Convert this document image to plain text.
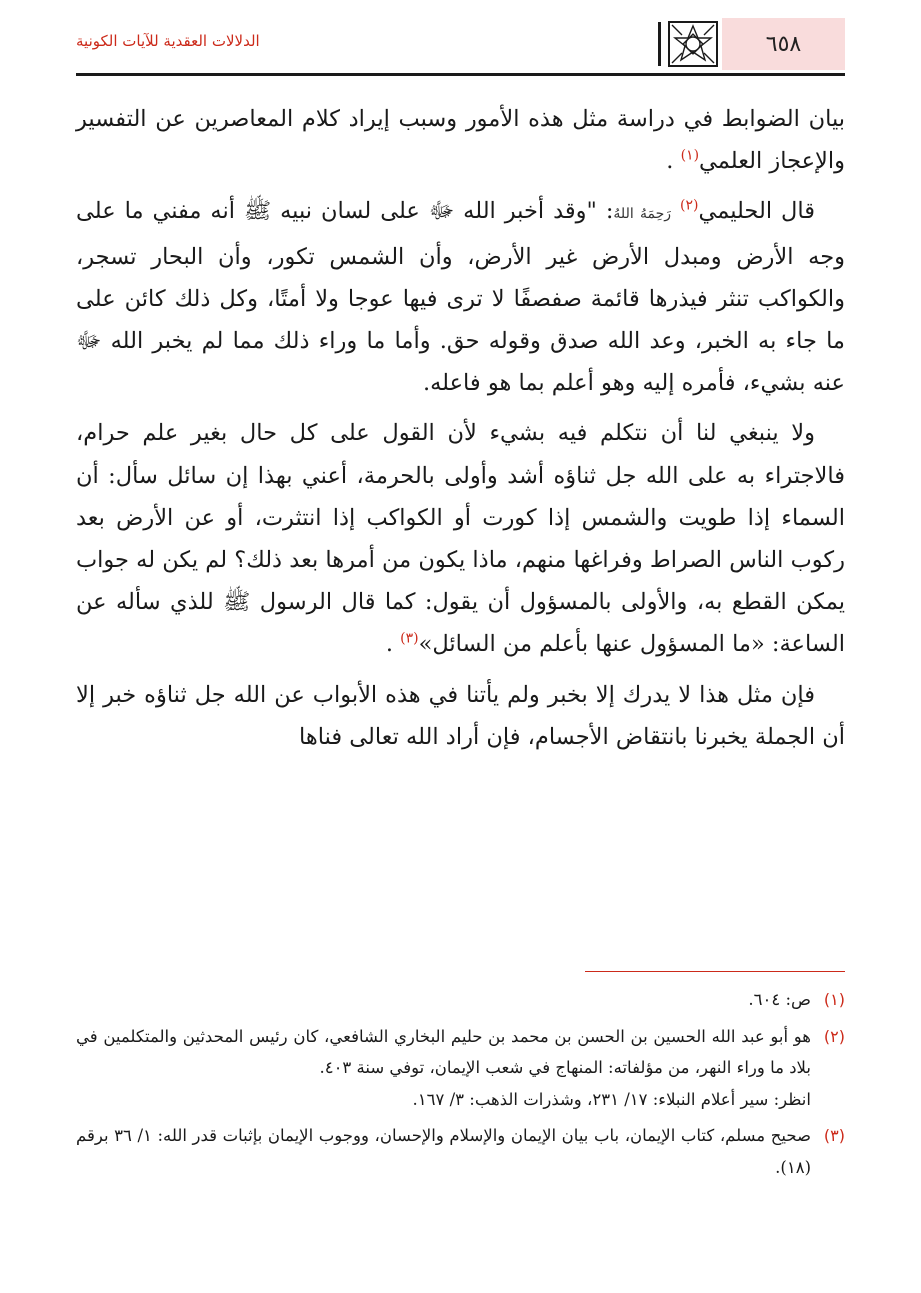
٦٥٨
الدلالات العقدية للآيات الكونية

بيان الضوابط في دراسة مثل هذه الأمور وسبب إيراد كلام المعاصرين عن التفسير والإعجاز العلمي$^{(١)}$ .

قال الحليمي$^{(٢)}$ رَحِمَهُ اللهُ: "وقد أخبر الله ﷻ على لسان نبيه ﷺ أنه مفني ما على وجه الأرض ومبدل الأرض غير الأرض، وأن الشمس تكور، وأن البحار تسجر، والكواكب تنثر فيذرها قائمة صفصفًا لا ترى فيها عوجا ولا أمتًا، وكل ذلك كائن على ما جاء به الخبر، وعد الله صدق وقوله حق. وأما ما وراء ذلك مما لم يخبر الله ﷻ عنه بشيء، فأمره إليه وهو أعلم بما هو فاعله.

ولا ينبغي لنا أن نتكلم فيه بشيء لأن القول على كل حال بغير علم حرام، فالاجتراء به على الله جل ثناؤه أشد وأولى بالحرمة، أعني بهذا إن سائل سأل: أن السماء إذا طويت والشمس إذا كورت أو الكواكب إذا انتثرت، أو عن الأرض بعد ركوب الناس الصراط وفراغها منهم، ماذا يكون من أمرها بعد ذلك؟ لم يكن له جواب يمكن القطع به، والأولى بالمسؤول أن يقول: كما قال الرسول ﷺ للذي سأله عن الساعة: «ما المسؤول عنها بأعلم من السائل»$^{(٣)}$ .

فإن مثل هذا لا يدرك إلا بخبر ولم يأتنا في هذه الأبواب عن الله جل ثناؤه خبر إلا أن الجملة يخبرنا بانتقاض الأجسام، فإن أراد الله تعالى فناها

(١)
ص: ٦٠٤.
(٢)
هو أبو عبد الله الحسين بن الحسن بن محمد بن حليم البخاري الشافعي، كان رئيس المحدثين والمتكلمين في بلاد ما وراء النهر، من مؤلفاته: المنهاج في شعب الإيمان، توفي سنة ٤٠٣.
انظر: سير أعلام النبلاء: ١٧/ ٢٣١، وشذرات الذهب: ٣/ ١٦٧.
(٣)
صحيح مسلم، كتاب الإيمان، باب بيان الإيمان والإسلام والإحسان، ووجوب الإيمان بإثبات قدر الله: ١/ ٣٦ برقم (١٨).
